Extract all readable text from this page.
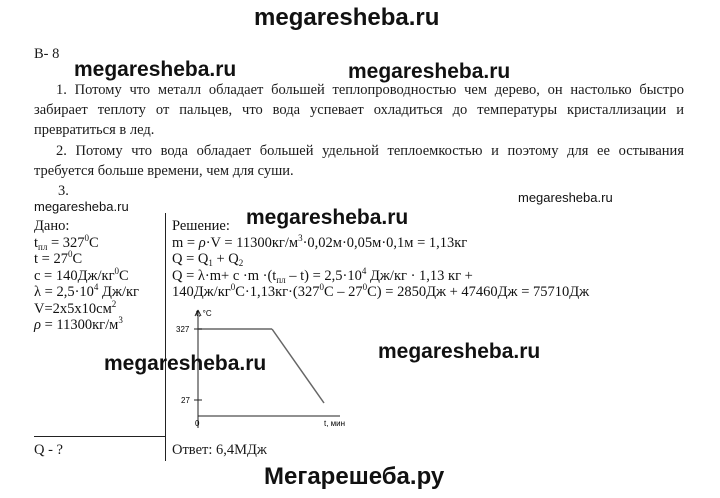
megaresheba.ru
В- 8
megaresheba.ru	megaresheba.ru
1. Потому что металл обладает большей теплопроводностью чем дерево, он настолько быстро забирает теплоту от пальцев, что вода успевает охладиться до температуры кристаллизации и превратиться в лед.
2. Потому что вода обладает большей удельной теплоемкостью и поэтому для ее остывания требуется больше времени, чем для суши.
3.	megaresheba.ru
megaresheba.ru
Дано:
$t_{пл} = 327^0C$
$t = 27^0C$
$c = 140Дж/кг^0C$
$\lambda = 2,5\cdot 10^4$ Дж/кг
$V=2х5х10см^2$
$\rho = 11300кг/м^3$
Q - ?
Решение:
$m = \rho\cdot V = 11300кг/м^3\cdot 0,02м\cdot 0,05м\cdot 0,1м = 1,13кг$
$Q = Q_1 + Q_2$
$Q = \lambda\cdot m+ c \cdot m \cdot(t_{пл} - t) = 2,5\cdot 10^4$ Дж/кг · 1,13 кг +
$140Дж/кг^0C\cdot 1,13кг\cdot(327^0C - 27^0C) = 2850Дж + 47460Дж = 75710Дж$
megaresheba.ru
t, °C
327
27
0	t, мин
megaresheba.ru
megaresheba.ru
Ответ: 6,4МДж
Мегарешеба.ру
